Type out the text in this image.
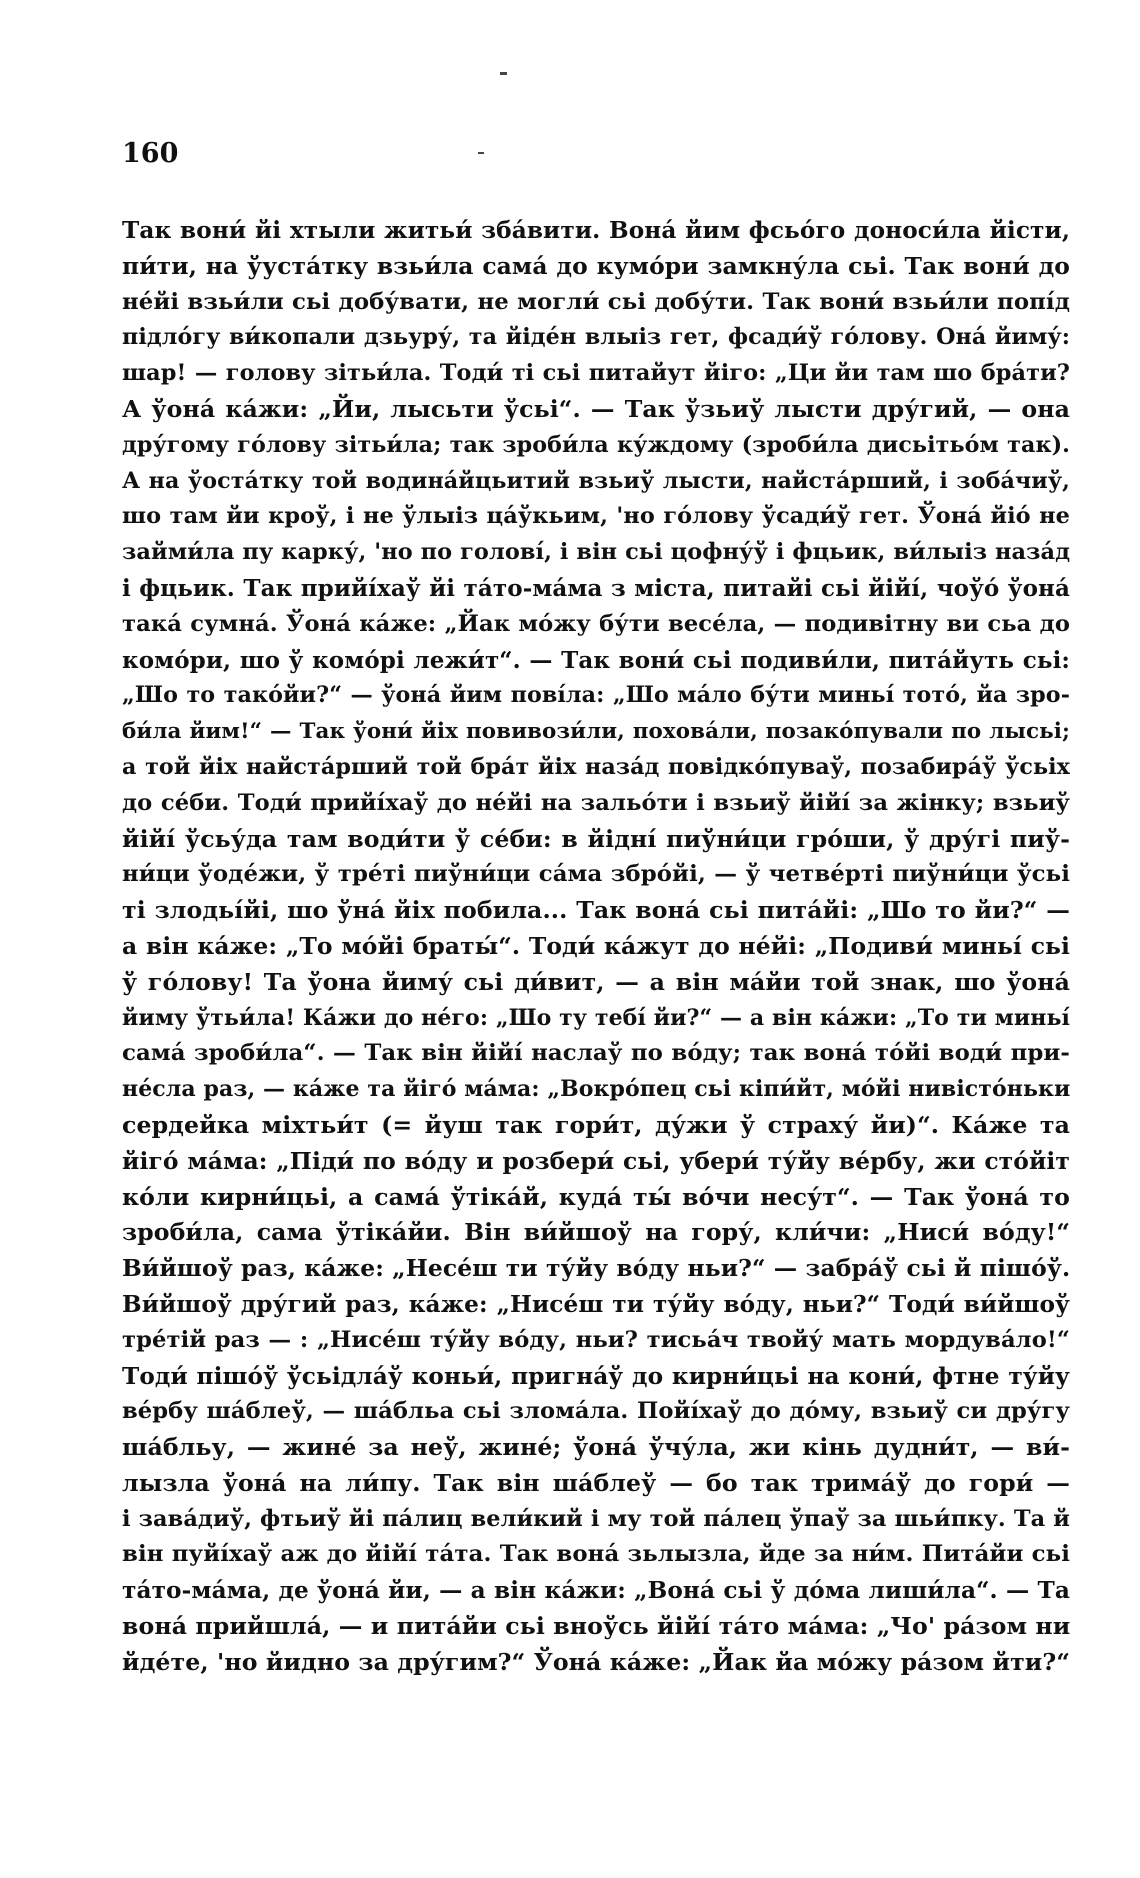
160
Так вони́ йі хтыли житьи́ зба́вити. Вона́ йим фсьо́го доноси́ла йісти,
пи́ти, на ўуста́тку взьи́ла сама́ до кумо́ри замкну́ла сьі. Так вони́ до
не́йі взьи́ли сьі добу́вати, не могли́ сьі добу́ти. Так вони́ взьи́ли попі́д
підло́гу ви́копали дзьуру́, та йіде́н влыіз гет, фсади́ў го́лову. Она́ йиму́:
шар! — голову зітьи́ла. Тоди́ ті сьі питайут йіго: „Ци йи там шо бра́ти?
А ўона́ ка́жи: „Йи, лысьти ўсьі“. — Так ўзьиў лысти дру́гий, — она
дру́гому го́лову зітьи́ла; так зроби́ла ку́ждому (зроби́ла дисьітьо́м так).
А на ўоста́тку той водина́йцьитий взьиў лысти, найста́рший, і зоба́чиў,
шо там йи кроў, і не ўлыіз ца́ўкьим, 'но го́лову ўсади́ў гет. Ўона́ йіо́ не
займи́ла пу карку́, 'но по голові́, і він сьі цофну́ў і фцьик, ви́лыіз наза́д
і фцьик. Так прийі́хаў йі та́то-ма́ма з міста, питайі сьі йійі́, чоўо́ ўона́
така́ сумна́. Ўона́ ка́же: „Йак мо́жу бу́ти весе́ла, — подивітну ви сьа до
комо́ри, шо ў комо́рі лежи́т“. — Так вони́ сьі подиви́ли, пита́йуть сьі:
„Шо то тако́йи?“ — ўона́ йим пові́ла: „Шо ма́ло бу́ти миньі́ тото́, йа зро-
би́ла йим!“ — Так ўони́ йіх повивози́ли, похова́ли, позако́пували по лысьі;
а той йіх найста́рший той бра́т йіх наза́д повідко́пуваў, позабира́ў ўсьіх
до се́би. Тоди́ прийі́хаў до не́йі на зальо́ти і взьиў йійі́ за жінку; взьиў
йійі́ ўсьу́да там води́ти ў се́би: в йідні́ пиўни́ци гро́ши, ў дру́гі пиў-
ни́ци ўоде́жи, ў тре́ті пиўни́ци са́ма збро́йі, — ў четве́рті пиўни́ци ўсьі
ті злодьі́йі, шо ўна́ йіх побила... Так вона́ сьі пита́йі: „Шо то йи?“ —
а він ка́же: „То мо́йі браты́“. Тоди́ ка́жут до не́йі: „Подиви́ миньі́ сьі
ў го́лову! Та ўона йиму́ сьі ди́вит, — а він ма́йи той знак, шо ўона́
йиму ўтьи́ла! Ка́жи до не́го: „Шо ту тебі́ йи?“ — а він ка́жи: „То ти миньі́
сама́ зроби́ла“. — Так він йійі́ наслаў по во́ду; так вона́ то́йі води́ при-
не́сла раз, — ка́же та йіго́ ма́ма: „Вокро́пец сьі кіпи́йт, мо́йі нивісто́ньки
сердейка міхтьи́т (= йуш так гори́т, ду́жи ў страху́ йи)“. Ка́же та
йіго́ ма́ма: „Піди́ по во́ду и розбери́ сьі, убери́ ту́йу ве́рбу, жи сто́йіт
ко́ли кирни́цьі, а сама́ ўтіка́й, куда́ ты́ во́чи несу́т“. — Так ўона́ то
зроби́ла, сама ўтіка́йи. Він ви́йшоў на гору́, кли́чи: „Ниси́ во́ду!“
Ви́йшоў раз, ка́же: „Несе́ш ти ту́йу во́ду ньи?“ — забра́ў сьі й пішо́ў.
Ви́йшоў дру́гий раз, ка́же: „Нисе́ш ти ту́йу во́ду, ньи?“ Тоди́ ви́йшоў
тре́тій раз — : „Нисе́ш ту́йу во́ду, ньи? тисьа́ч твойу́ мать мордува́ло!“
Тоди́ пішо́ў ўсьідла́ў коньи́, пригна́ў до кирни́цьі на кони́, фтне ту́йу
ве́рбу ша́блеў, — ша́бльа сьі злома́ла. Пойі́хаў до до́му, взьиў си дру́гу
ша́бльу, — жине́ за неў, жине́; ўона́ ўчу́ла, жи кінь дудни́т, — ви́-
лызла ўона́ на ли́пу. Так він ша́блеў — бо так трима́ў до гори́ —
і зава́диў, фтьиў йі па́лиц вели́кий і му той па́лец ўпаў за шьи́пку. Та й
він пуйі́хаў аж до йійі́ та́та. Так вона́ зьлызла, йде за ни́м. Пита́йи сьі
та́то-ма́ма, де ўона́ йи, — а він ка́жи: „Вона́ сьі ў до́ма лиши́ла“. — Та
вона́ прийшла́, — и пита́йи сьі вноўсь йійі́ та́то ма́ма: „Чо' ра́зом ни
йде́те, 'но йидно за дру́гим?“ Ўона́ ка́же: „Йак йа мо́жу ра́зом йти?“
